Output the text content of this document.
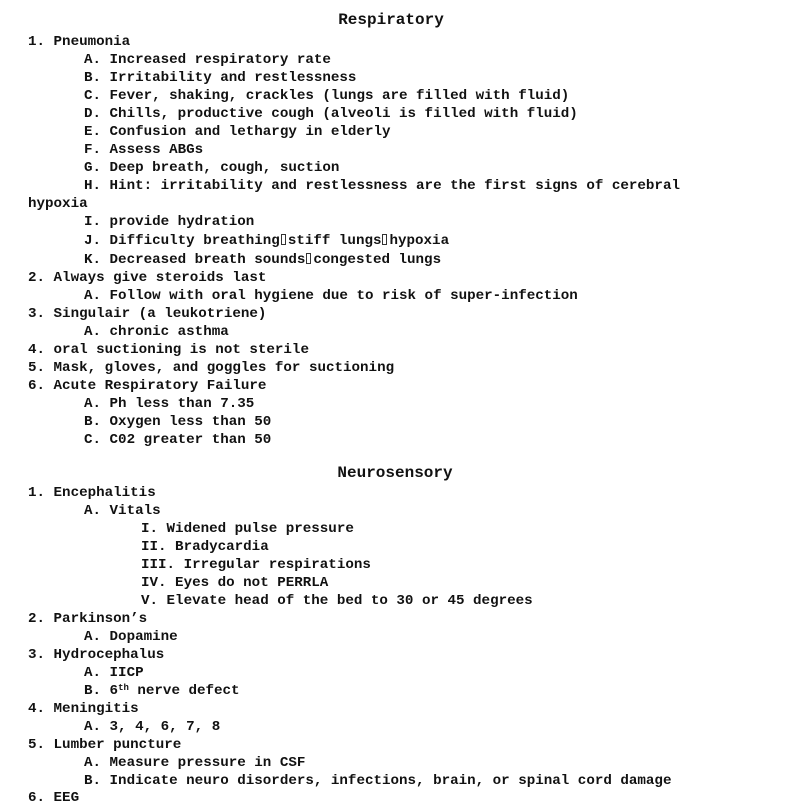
Respiratory
1. Pneumonia
A. Increased respiratory rate
B. Irritability and restlessness
C. Fever, shaking, crackles (lungs are filled with fluid)
D. Chills, productive cough (alveoli is filled with fluid)
E. Confusion and lethargy in elderly
F. Assess ABGs
G. Deep breath, cough, suction
H. Hint: irritability and restlessness are the first signs of cerebral
hypoxia
I. provide hydration
J. Difficulty breathing stiff lungs hypoxia
K. Decreased breath sounds congested lungs
2. Always give steroids last
A. Follow with oral hygiene due to risk of super-infection
3. Singulair (a leukotriene)
A. chronic asthma
4. oral suctioning is not sterile
5. Mask, gloves, and goggles for suctioning
6. Acute Respiratory Failure
A. Ph less than 7.35
B. Oxygen less than 50
C. C02 greater than 50
Neurosensory
1. Encephalitis
A. Vitals
I. Widened pulse pressure
II. Bradycardia
III. Irregular respirations
IV. Eyes do not PERRLA
V. Elevate head of the bed to 30 or 45 degrees
2. Parkinson’s
A. Dopamine
3. Hydrocephalus
A. IICP
B. 6th nerve defect
4. Meningitis
A. 3, 4, 6, 7, 8
5. Lumber puncture
A. Measure pressure in CSF
B. Indicate neuro disorders, infections, brain, or spinal cord damage
6. EEG
